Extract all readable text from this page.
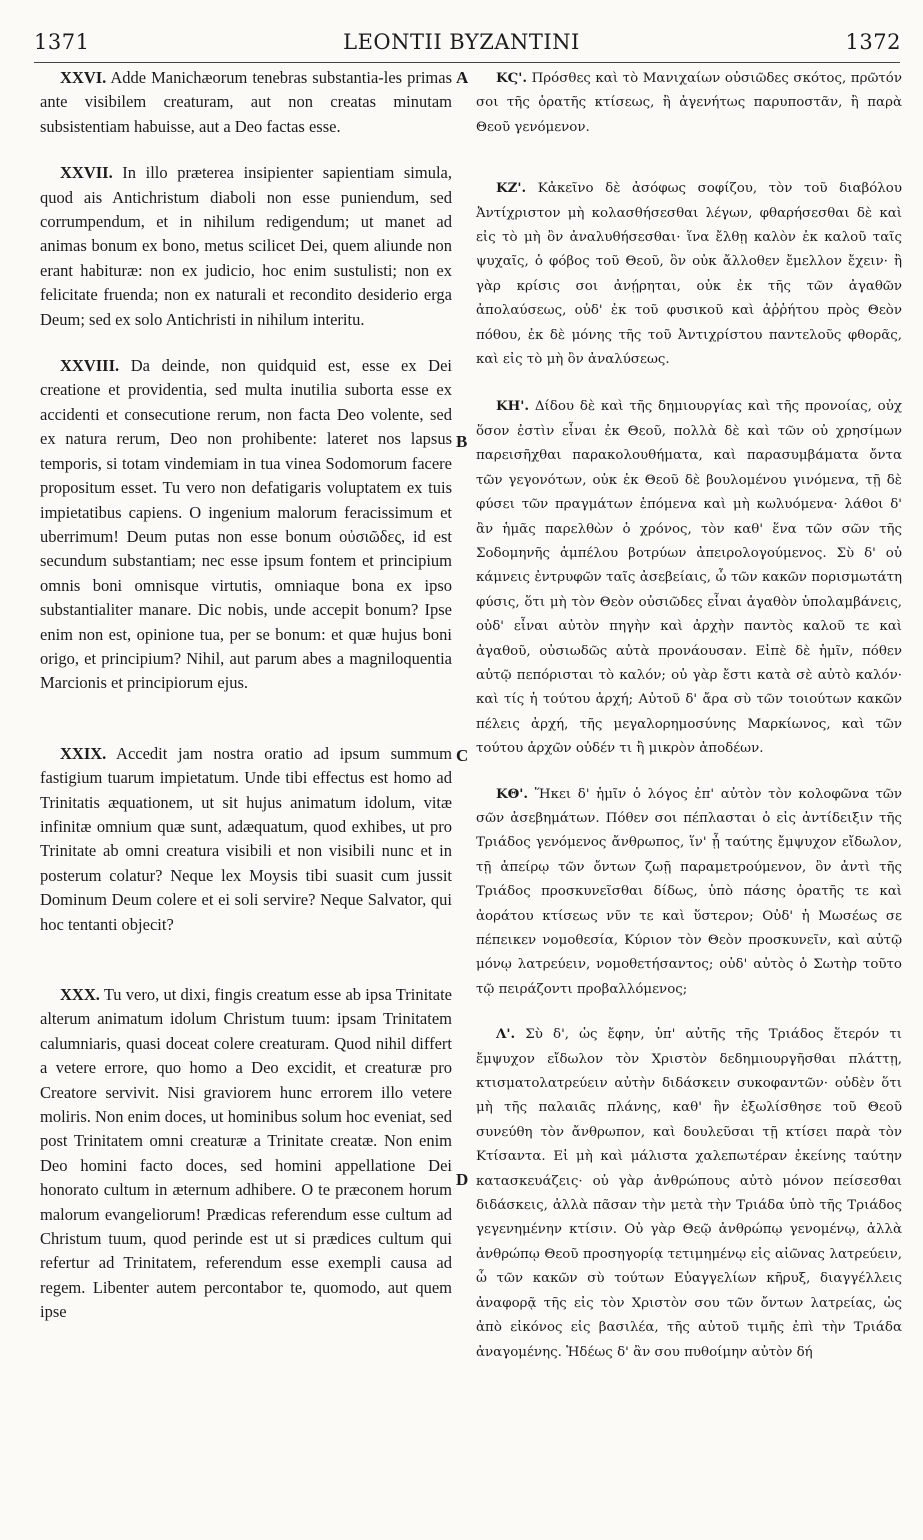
1371	LEONTII BYZANTINI	1372

XXVI. Adde Manichæorum tenebras substantia-les primas ante visibilem creaturam, aut non creatas minutam subsistentiam habuisse, aut a Deo factas esse.

XXVII. In illo præterea insipienter sapientiam simula, quod ais Antichristum diaboli non esse puniendum, sed corrumpendum, et in nihilum redigendum; ut manet ad animas bonum ex bono, metus scilicet Dei, quem aliunde non erant habituræ: non ex judicio, hoc enim sustulisti; non ex felicitate fruenda; non ex naturali et recondito desiderio erga Deum; sed ex solo Antichristi in nihilum interitu.

XXVIII. Da deinde, non quidquid est, esse ex Dei creatione et providentia, sed multa inutilia suborta esse ex accidenti et consecutione rerum, non facta Deo volente, sed ex natura rerum, Deo non prohibente: lateret nos lapsus temporis, si totam vindemiam in tua vinea Sodomorum facere propositum esset. Tu vero non defatigaris voluptatem ex tuis impietatibus capiens. O ingenium malorum feracissimum et uberrimum! Deum putas non esse bonum οὐσιῶδες, id est secundum substantiam; nec esse ipsum fontem et principium omnis boni omnisque virtutis, omniaque bona ex ipso substantialiter manare. Dic nobis, unde accepit bonum? Ipse enim non est, opinione tua, per se bonum: et quæ hujus boni origo, et principium? Nihil, aut parum abes a magniloquentia Marcionis et principiorum ejus.

XXIX. Accedit jam nostra oratio ad ipsum summum fastigium tuarum impietatum. Unde tibi effectus est homo ad Trinitatis æquationem, ut sit hujus animatum idolum, vitæ infinitæ omnium quæ sunt, adæquatum, quod exhibes, ut pro Trinitate ab omni creatura visibili et non visibili nunc et in posterum colatur? Neque lex Moysis tibi suasit cum jussit Dominum Deum colere et ei soli servire? Neque Salvator, qui hoc tentanti objecit?

XXX. Tu vero, ut dixi, fingis creatum esse ab ipsa Trinitate alterum animatum idolum Christum tuum: ipsam Trinitatem calumniaris, quasi doceat colere creaturam. Quod nihil differt a vetere errore, quo homo a Deo excidit, et creaturæ pro Creatore servivit. Nisi graviorem hunc errorem illo vetere moliris. Non enim doces, ut hominibus solum hoc eveniat, sed post Trinitatem omni creaturæ a Trinitate creatæ. Non enim Deo homini facto doces, sed homini appellatione Dei honorato cultum in æternum adhibere. O te præconem horum malorum evangeliorum! Prædicas referendum esse cultum ad Christum tuum, quod perinde est ut si prædices cultum qui refertur ad Trinitatem, referendum esse exempli causa ad regem. Libenter autem percontabor te, quomodo, aut quem ipse

ΚϚ'. Πρόσθες καὶ τὸ Μανιχαίων οὐσιῶδες σκότος, πρῶτόν σοι τῆς ὁρατῆς κτίσεως, ἢ ἀγενήτως παρυποστᾶν, ἢ παρὰ Θεοῦ γενόμενον.

ΚΖ'. Κἀκεῖνο δὲ ἀσόφως σοφίζου, τὸν τοῦ διαβόλου Ἀντίχριστον μὴ κολασθήσεσθαι λέγων, φθαρήσεσθαι δὲ καὶ εἰς τὸ μὴ ὂν ἀναλυθήσεσθαι· ἵνα ἔλθῃ καλὸν ἐκ καλοῦ ταῖς ψυχαῖς, ὁ φόβος τοῦ Θεοῦ, ὃν οὐκ ἄλλοθεν ἔμελλον ἔχειν· ἢ γὰρ κρίσις σοι ἀνῄρηται, οὐκ ἐκ τῆς τῶν ἀγαθῶν ἀπολαύσεως, οὐδ' ἐκ τοῦ φυσικοῦ καὶ ἀῤῥήτου πρὸς Θεὸν πόθου, ἐκ δὲ μόνης τῆς τοῦ Ἀντιχρίστου παντελοῦς φθορᾶς, καὶ εἰς τὸ μὴ ὂν ἀναλύσεως.

ΚΗ'. Δίδου δὲ καὶ τῆς δημιουργίας καὶ τῆς προνοίας, οὐχ ὅσον ἐστὶν εἶναι ἐκ Θεοῦ, πολλὰ δὲ καὶ τῶν οὐ χρησίμων παρεισῆχθαι παρακολουθήματα, καὶ παρασυμβάματα ὄντα τῶν γεγονότων, οὐκ ἐκ Θεοῦ δὲ βουλομένου γινόμενα, τῇ δὲ φύσει τῶν πραγμάτων ἑπόμενα καὶ μὴ κωλυόμενα· λάθοι δ' ἂν ἡμᾶς παρελθὼν ὁ χρόνος, τὸν καθ' ἕνα τῶν σῶν τῆς Σοδομηνῆς ἀμπέλου βοτρύων ἀπειρολογούμενος. Σὺ δ' οὐ κάμνεις ἐντρυφῶν ταῖς ἀσεβείαις, ὦ τῶν κακῶν πορισμωτάτη φύσις, ὅτι μὴ τὸν Θεὸν οὐσιῶδες εἶναι ἀγαθὸν ὑπολαμβάνεις, οὐδ' εἶναι αὐτὸν πηγὴν καὶ ἀρχὴν παντὸς καλοῦ τε καὶ ἀγαθοῦ, οὐσιωδῶς αὐτὰ προνάουσαν. Εἰπὲ δὲ ἡμῖν, πόθεν αὐτῷ πεπόρισται τὸ καλόν; οὐ γὰρ ἔστι κατὰ σὲ αὐτὸ καλόν· καὶ τίς ἡ τούτου ἀρχή; Αὐτοῦ δ' ἄρα σὺ τῶν τοιούτων κακῶν πέλεις ἀρχή, τῆς μεγαλορημοσύνης Μαρκίωνος, καὶ τῶν τούτου ἀρχῶν οὐδέν τι ἢ μικρὸν ἀποδέων.

ΚΘ'. Ἥκει δ' ἡμῖν ὁ λόγος ἐπ' αὐτὸν τὸν κολοφῶνα τῶν σῶν ἀσεβημάτων. Πόθεν σοι πέπλασται ὁ εἰς ἀντίδειξιν τῆς Τριάδος γενόμενος ἄνθρωπος, ἵν' ᾖ ταύτης ἔμψυχον εἴδωλον, τῇ ἀπείρῳ τῶν ὄντων ζωῇ παραμετρούμενον, ὃν ἀντὶ τῆς Τριάδος προσκυνεῖσθαι δίδως, ὑπὸ πάσης ὁρατῆς τε καὶ ἀοράτου κτίσεως νῦν τε καὶ ὕστερον; Οὐδ' ἡ Μωσέως σε πέπεικεν νομοθεσία, Κύριον τὸν Θεὸν προσκυνεῖν, καὶ αὐτῷ μόνῳ λατρεύειν, νομοθετήσαντος; οὐδ' αὐτὸς ὁ Σωτὴρ τοῦτο τῷ πειράζοντι προβαλλόμενος;

Λ'. Σὺ δ', ὡς ἔφην, ὑπ' αὐτῆς τῆς Τριάδος ἕτερόν τι ἔμψυχον εἴδωλον τὸν Χριστὸν δεδημιουργῆσθαι πλάττῃ, κτισματολατρεύειν αὐτὴν διδάσκειν συκοφαντῶν· οὐδὲν ὅτι μὴ τῆς παλαιᾶς πλάνης, καθ' ἣν ἐξωλίσθησε τοῦ Θεοῦ συνεύθη τὸν ἄνθρωπον, καὶ δουλεῦσαι τῇ κτίσει παρὰ τὸν Κτίσαντα. Εἰ μὴ καὶ μάλιστα χαλεπωτέραν ἐκείνης ταύτην κατασκευάζεις· οὐ γὰρ ἀνθρώπους αὐτὸ μόνον πείσεσθαι διδάσκεις, ἀλλὰ πᾶσαν τὴν μετὰ τὴν Τριάδα ὑπὸ τῆς Τριάδος γεγενημένην κτίσιν. Οὐ γὰρ Θεῷ ἀνθρώπῳ γενομένῳ, ἀλλὰ ἀνθρώπῳ Θεοῦ προσηγορίᾳ τετιμημένῳ εἰς αἰῶνας λατρεύειν, ὦ τῶν κακῶν σὺ τούτων Εὐαγγελίων κῆρυξ, διαγγέλλεις ἀναφορᾷ τῆς εἰς τὸν Χριστὸν σου τῶν ὄντων λατρείας, ὡς ἀπὸ εἰκόνος εἰς βασιλέα, τῆς αὐτοῦ τιμῆς ἐπὶ τὴν Τριάδα ἀναγομένης. Ἡδέως δ' ἂν σου πυθοίμην αὐτὸν δή

A
B
C
D
